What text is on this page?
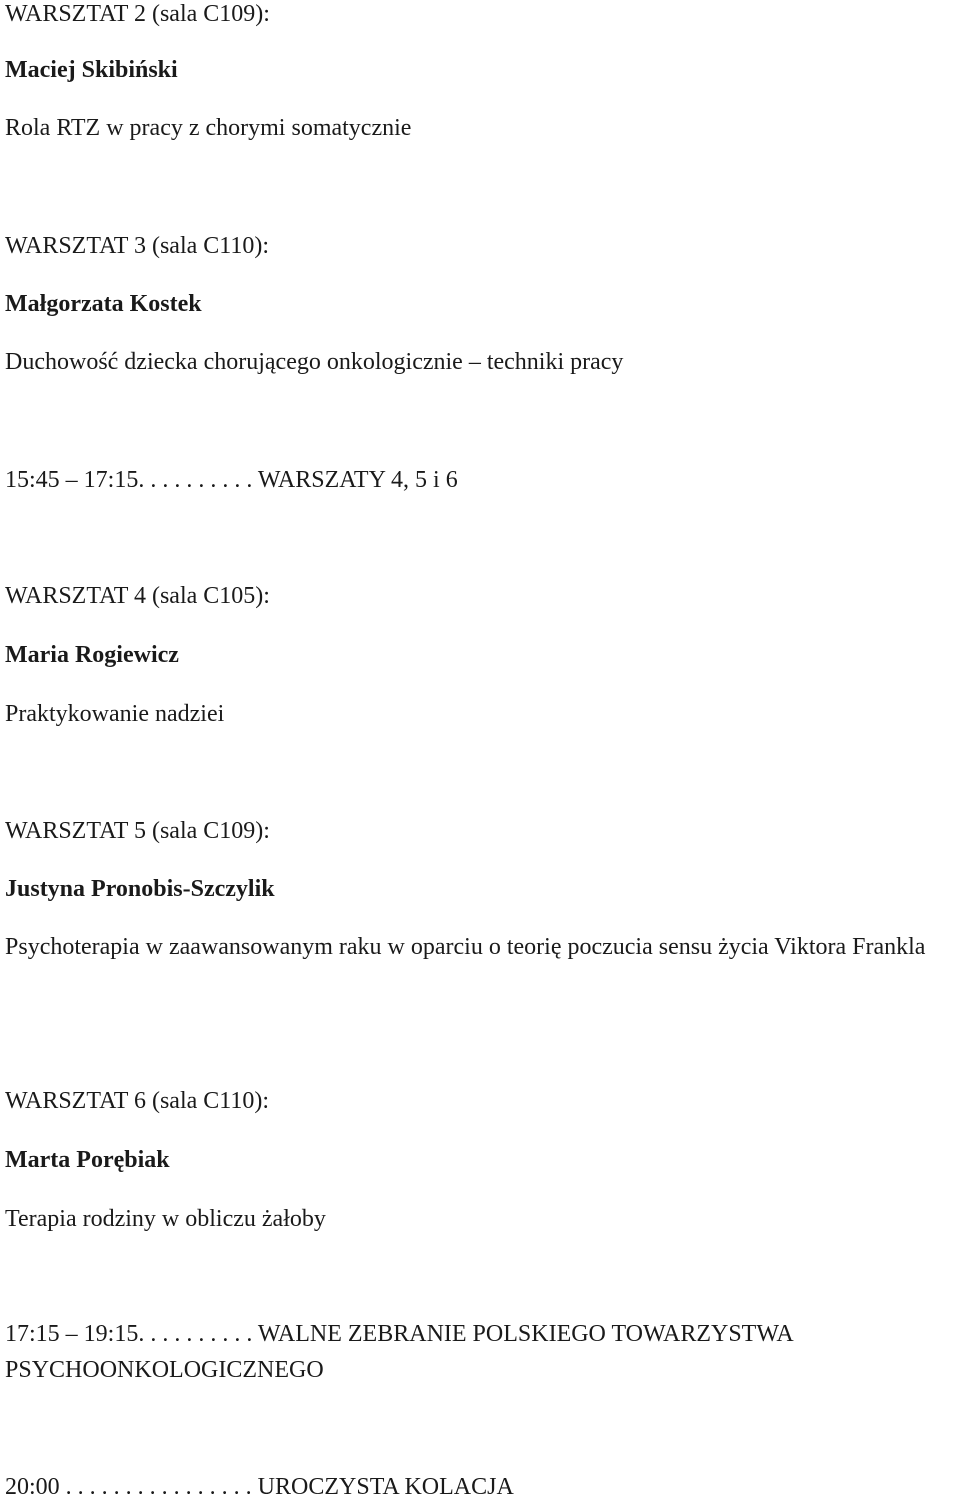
WARSZTAT 2 (sala C109):
Maciej Skibiński
Rola RTZ w pracy z chorymi somatycznie
WARSZTAT 3 (sala C110):
Małgorzata Kostek
Duchowość dziecka chorującego onkologicznie – techniki pracy
15:45 – 17:15. . . . . . . . . . WARSZATY 4, 5 i 6
WARSZTAT 4 (sala C105):
Maria Rogiewicz
Praktykowanie nadziei
WARSZTAT 5 (sala C109):
Justyna Pronobis-Szczylik
Psychoterapia w zaawansowanym raku w oparciu o teorię poczucia sensu życia Viktora Frankla
WARSZTAT 6 (sala C110):
Marta Porębiak
Terapia rodziny w obliczu żałoby
17:15 – 19:15. . . . . . . . . . WALNE ZEBRANIE POLSKIEGO TOWARZYSTWA PSYCHOONKOLOGICZNEGO
20:00 . . . . . . . . . . . . . . . . UROCZYSTA KOLACJA
